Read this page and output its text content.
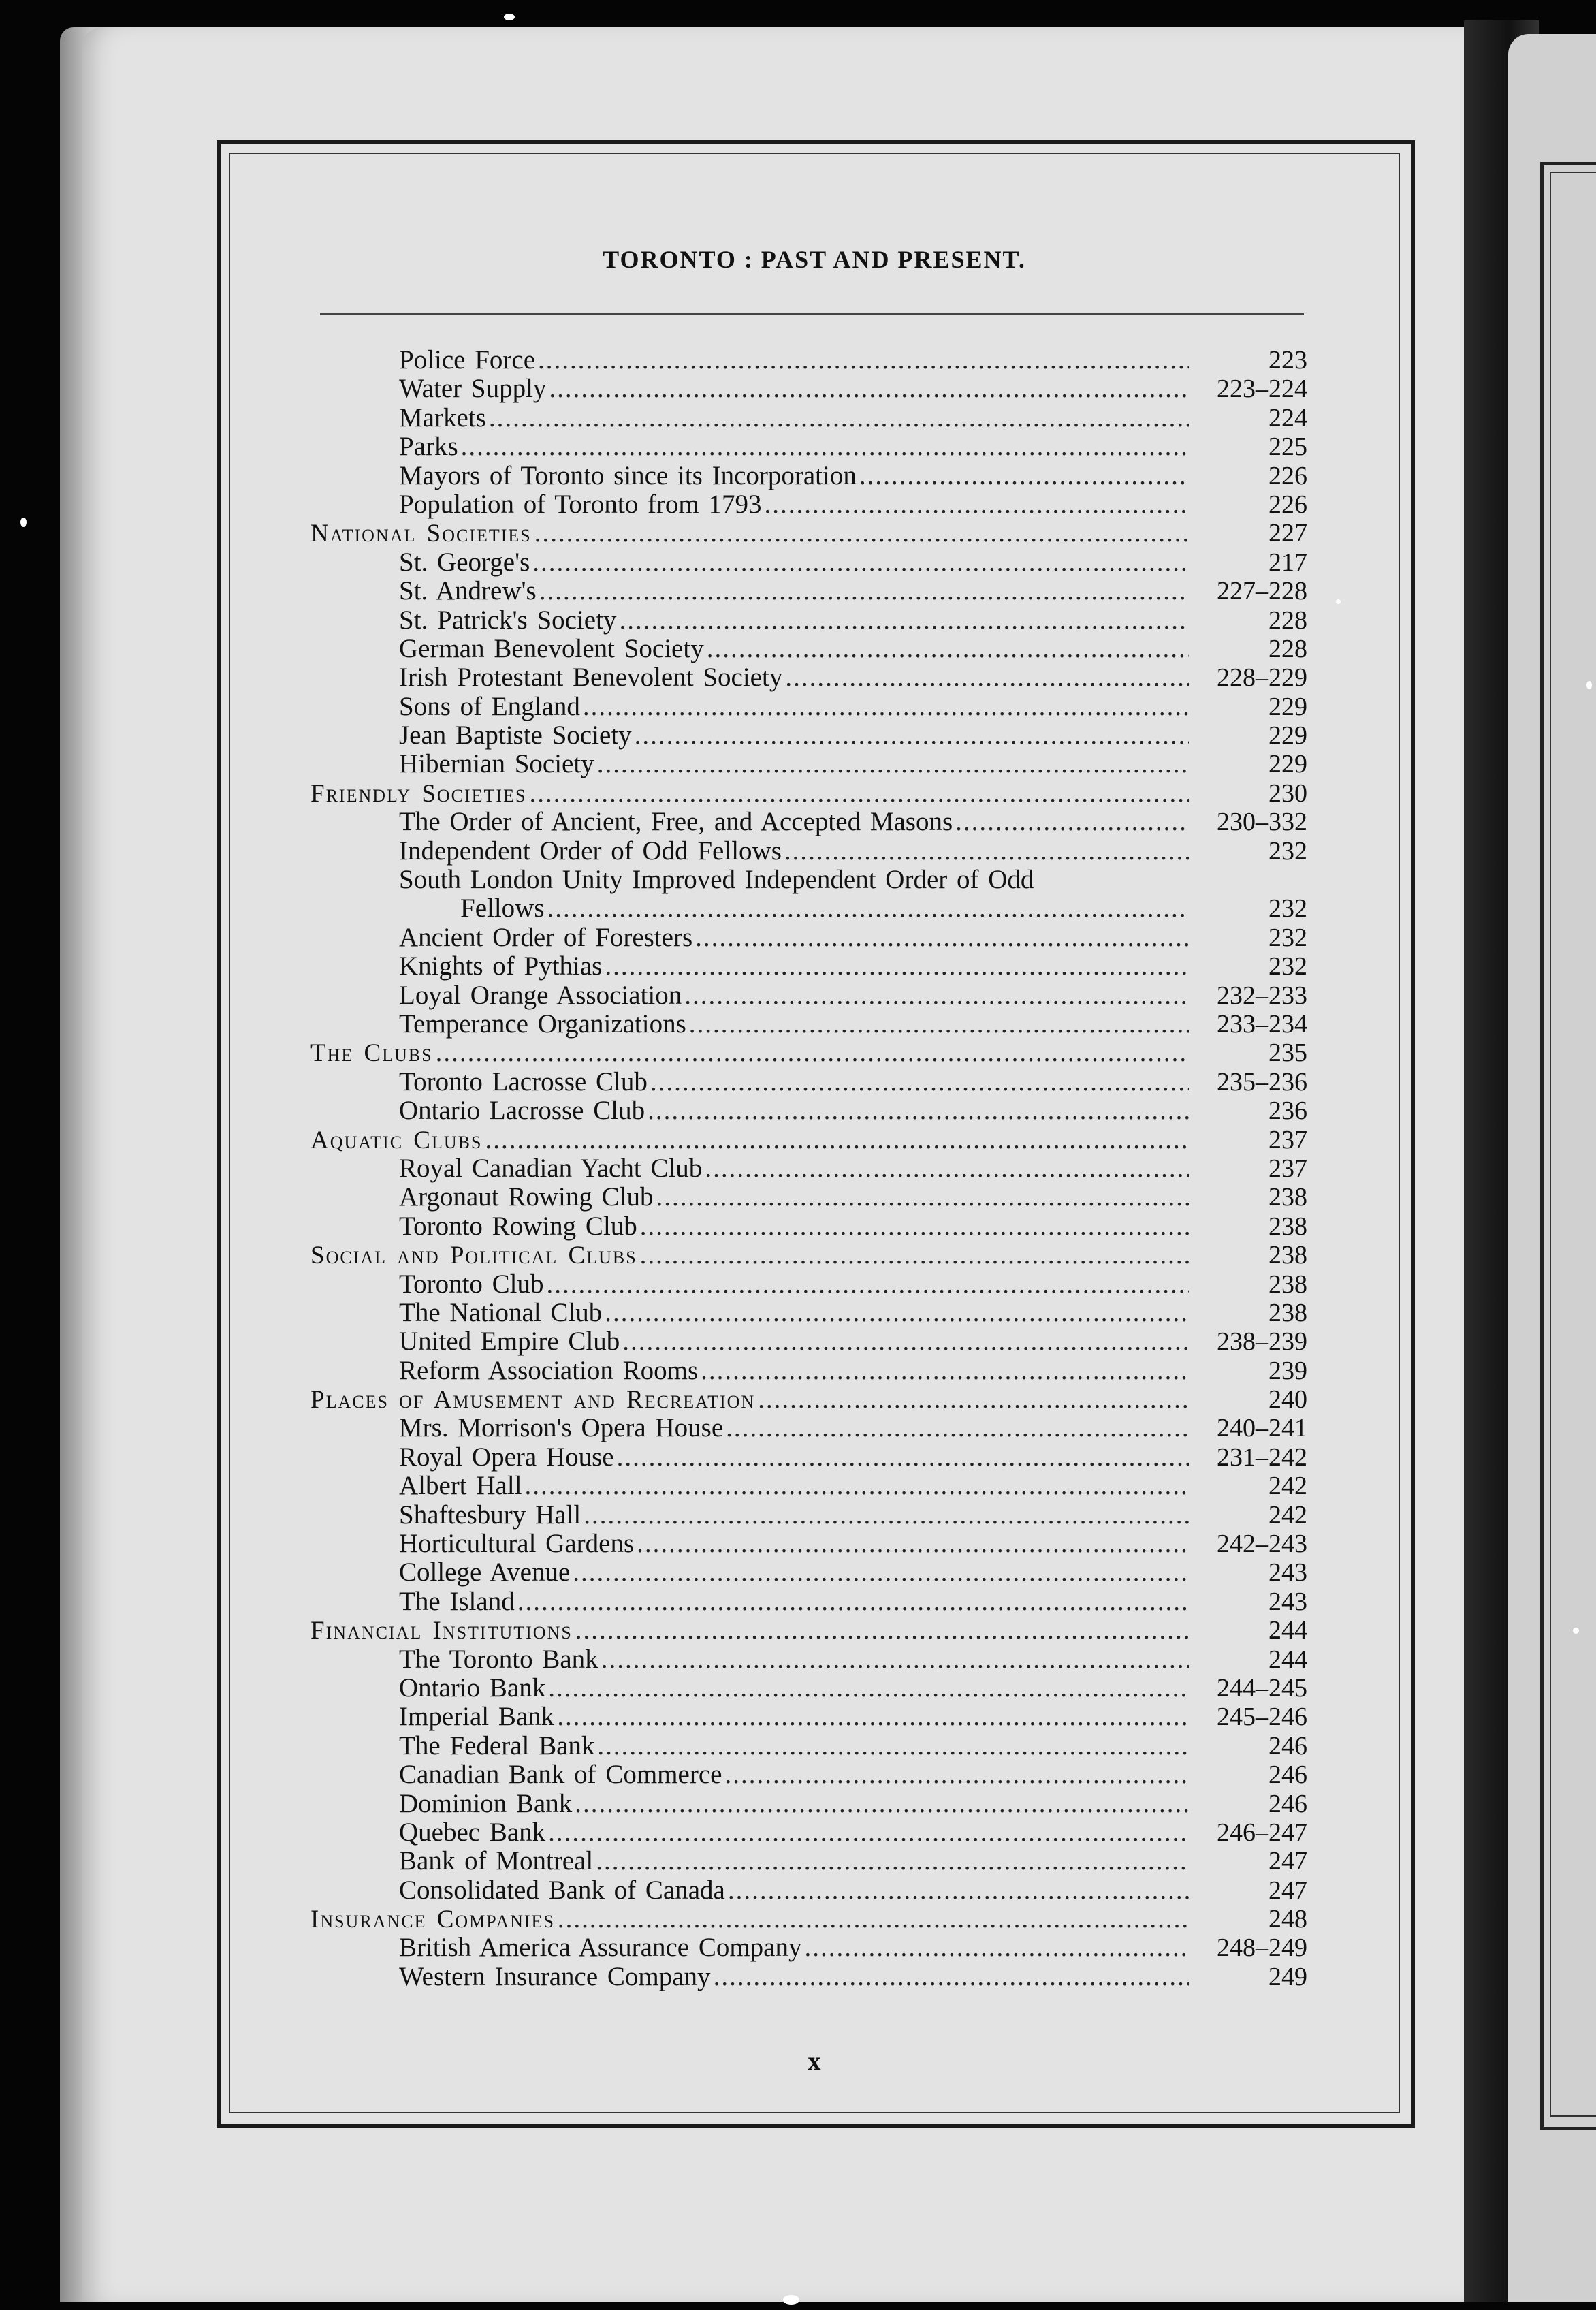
TORONTO : PAST AND PRESENT.
Police Force .....	223
Water Supply .....	223–224
Markets .....	224
Parks .....	225
Mayors of Toronto since its Incorporation .....	226
Population of Toronto from 1793 .....	226
National Societies .....	227
St. George's .....	217
St. Andrew's .....	227–228
St. Patrick's Society .....	228
German Benevolent Society .....	228
Irish Protestant Benevolent Society .....	228–229
Sons of England .....	229
Jean Baptiste Society .....	229
Hibernian Society .....	229
Friendly Societies .....	230
The Order of Ancient, Free, and Accepted Masons .....	230–332
Independent Order of Odd Fellows .....	232
South London Unity Improved Independent Order of Odd
Fellows .....	232
Ancient Order of Foresters .....	232
Knights of Pythias .....	232
Loyal Orange Association .....	232–233
Temperance Organizations .....	233–234
The Clubs .....	235
Toronto Lacrosse Club .....	235–236
Ontario Lacrosse Club .....	236
Aquatic Clubs .....	237
Royal Canadian Yacht Club .....	237
Argonaut Rowing Club .....	238
Toronto Rowing Club .....	238
Social and Political Clubs .....	238
Toronto Club .....	238
The National Club .....	238
United Empire Club .....	238–239
Reform Association Rooms .....	239
Places of Amusement and Recreation .....	240
Mrs. Morrison's Opera House .....	240–241
Royal Opera House .....	231–242
Albert Hall .....	242
Shaftesbury Hall .....	242
Horticultural Gardens .....	242–243
College Avenue .....	243
The Island .....	243
Financial Institutions .....	244
The Toronto Bank .....	244
Ontario Bank .....	244–245
Imperial Bank .....	245–246
The Federal Bank .....	246
Canadian Bank of Commerce .....	246
Dominion Bank .....	246
Quebec Bank .....	246–247
Bank of Montreal .....	247
Consolidated Bank of Canada .....	247
Insurance Companies .....	248
British America Assurance Company .....	248–249
Western Insurance Company .....	249
x
